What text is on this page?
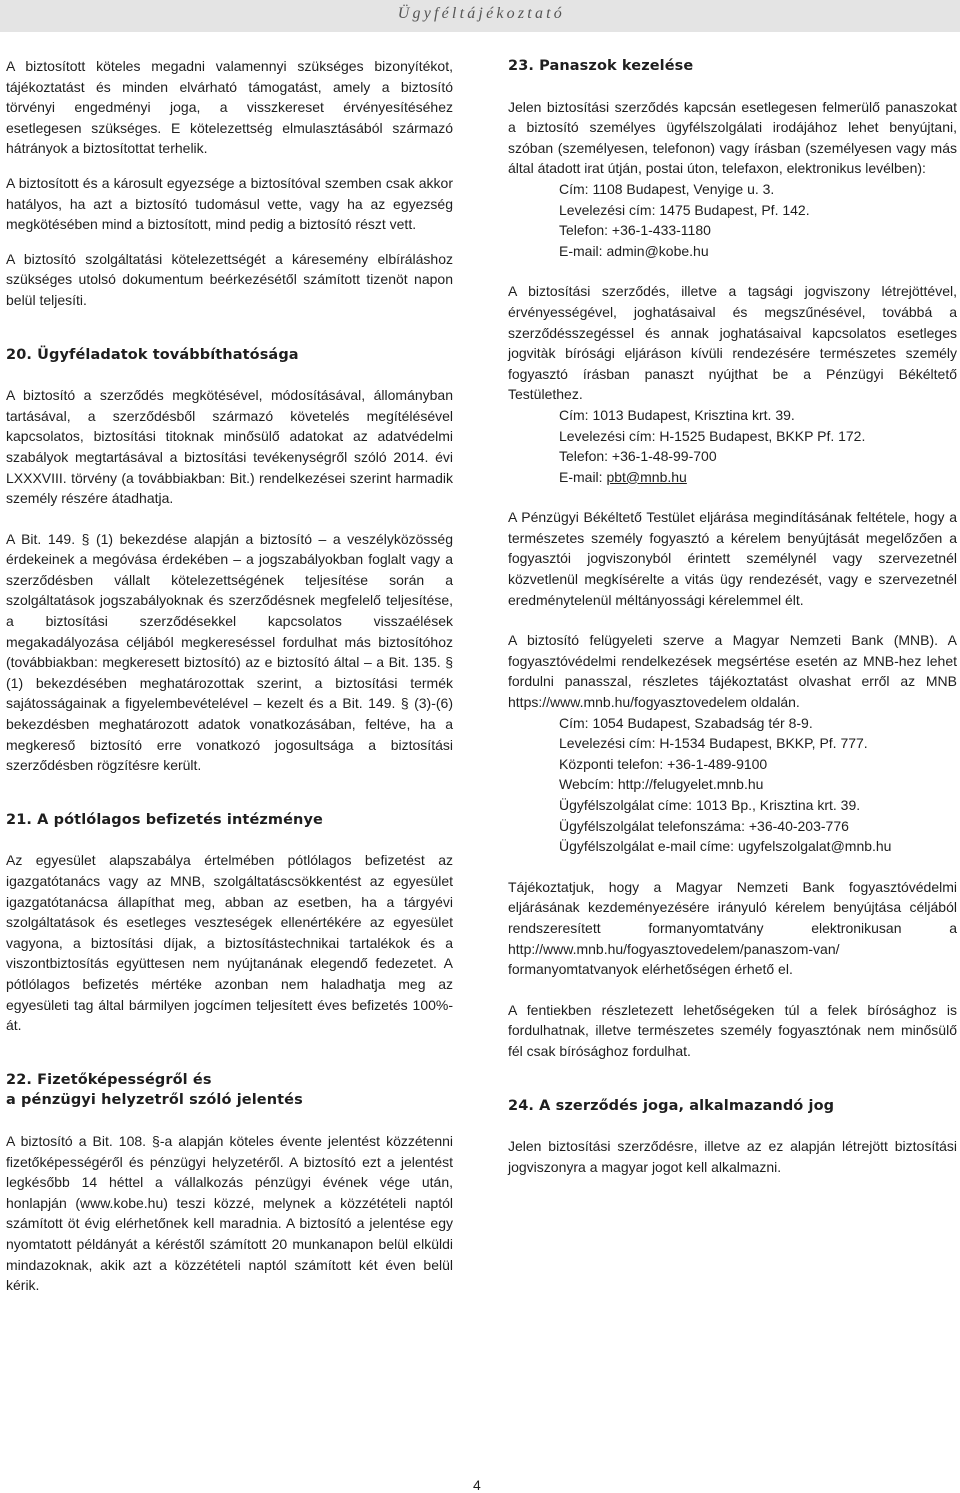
Ügyféltájékoztató

A biztosított köteles megadni valamennyi szükséges bizonyítékot, tájékoztatást és minden elvárható támogatást, amely a biztosító törvényi engedményi joga, a visszkereset érvényesítéséhez esetlegesen szükséges. E kötelezettség elmulasztásából származó hátrányok a biztosítottat terhelik.

A biztosított és a károsult egyezsége a biztosítóval szemben csak akkor hatályos, ha azt a biztosító tudomásul vette, vagy ha az egyezség megkötésében mind a biztosított, mind pedig a biztosító részt vett.

A biztosító szolgáltatási kötelezettségét a káresemény elbíráláshoz szükséges utolsó dokumentum beérkezésétől számított tizenöt napon belül teljesíti.

20. Ügyféladatok továbbíthatósága

A biztosító a szerződés megkötésével, módosításával, állományban tartásával, a szerződésből származó követelés megítélésével kapcsolatos, biztosítási titoknak minősülő adatokat az adatvédelmi szabályok megtartásával a biztosítási tevékenységről szóló 2014. évi LXXXVIII. törvény (a továbbiakban: Bit.) rendelkezései szerint harmadik személy részére átadhatja.

A Bit. 149. § (1) bekezdése alapján a biztosító – a veszélyközösség érdekeinek a megóvása érdekében – a jogszabályokban foglalt vagy a szerződésben vállalt kötelezettségének teljesítése során a szolgáltatások jogszabályoknak és szerződésnek megfelelő teljesítése, a biztosítási szerződésekkel kapcsolatos visszaélések megakadályozása céljából megkereséssel fordulhat más biztosítóhoz (továbbiakban: megkeresett biztosító) az e biztosító által – a Bit. 135. § (1) bekezdésében meghatározottak szerint, a biztosítási termék sajátosságainak a figyelembevételével – kezelt és a Bit. 149. § (3)-(6) bekezdésben meghatározott adatok vonatkozásában, feltéve, ha a megkereső biztosító erre vonatkozó jogosultsága a biztosítási szerződésben rögzítésre került.

21. A pótlólagos befizetés intézménye

Az egyesület alapszabálya értelmében pótlólagos befizetést az igazgatótanács vagy az MNB, szolgáltatáscsökkentést az egyesület igazgatótanácsa állapíthat meg, abban az esetben, ha a tárgyévi szolgáltatások és esetleges veszteségek ellenértékére az egyesület vagyona, a biztosítási díjak, a biztosítástechnikai tartalékok és a viszontbiztosítás együttesen nem nyújtanának elegendő fedezetet. A pótlólagos befizetés mértéke azonban nem haladhatja meg az egyesületi tag által bármilyen jogcímen teljesített éves befizetés 100%-át.

22. Fizetőképességről és
a pénzügyi helyzetről szóló jelentés

A biztosító a Bit. 108. §-a alapján köteles évente jelentést közzétenni fizetőképességéről és pénzügyi helyzetéről. A biztosító ezt a jelentést legkésőbb 14 héttel a vállalkozás pénzügyi évének vége után, honlapján (www.kobe.hu) teszi közzé, melynek a közzétételi naptól számított öt évig elérhetőnek kell maradnia. A biztosító a jelentése egy nyomtatott példányát a kéréstől számított 20 munkanapon belül elküldi mindazoknak, akik azt a közzétételi naptól számított két éven belül kérik.

23. Panaszok kezelése

Jelen biztosítási szerződés kapcsán esetlegesen felmerülő panaszokat a biztosító személyes ügyfélszolgálati irodájához lehet benyújtani, szóban (személyesen, telefonon) vagy írásban (személyesen vagy más által átadott irat útján, postai úton, telefaxon, elektronikus levélben):

Cím: 1108 Budapest, Venyige u. 3.
Levelezési cím: 1475 Budapest, Pf. 142.
Telefon: +36-1-433-1180
E-mail: admin@kobe.hu

A biztosítási szerződés, illetve a tagsági jogviszony létrejöttével, érvényességével, joghatásaival és megszűnésével, továbbá a szerződésszegéssel és annak joghatásaival kapcsolatos esetleges jogvitàk bírósági eljáráson kívüli rendezésére természetes személy fogyasztó írásban panaszt nyújthat be a Pénzügyi Békéltető Testülethez.

Cím: 1013 Budapest, Krisztina krt. 39.
Levelezési cím: H-1525 Budapest, BKKP Pf. 172.
Telefon: +36-1-48-99-700
E-mail: pbt@mnb.hu

A Pénzügyi Békéltető Testület eljárása megindításának feltétele, hogy a természetes személy fogyasztó a kérelem benyújtását megelőzően a fogyasztói jogviszonyból érintett személynél vagy szervezetnél közvetlenül megkísérelte a vitás ügy rendezését, vagy e szervezetnél eredménytelenül méltányossági kérelemmel élt.

A biztosító felügyeleti szerve a Magyar Nemzeti Bank (MNB). A fogyasztóvédelmi rendelkezések megsértése esetén az MNB-hez lehet fordulni panasszal, részletes tájékoztatást olvashat erről az MNB https://www.mnb.hu/fogyasztovedelem oldalán.

Cím: 1054 Budapest, Szabadság tér 8-9.
Levelezési cím: H-1534 Budapest, BKKP, Pf. 777.
Központi telefon: +36-1-489-9100
Webcím: http://felugyelet.mnb.hu
Ügyfélszolgálat címe: 1013 Bp., Krisztina krt. 39.
Ügyfélszolgálat telefonszáma: +36-40-203-776
Ügyfélszolgálat e-mail címe: ugyfelszolgalat@mnb.hu

Tájékoztatjuk, hogy a Magyar Nemzeti Bank fogyasztóvédelmi eljárásának kezdeményezésére irányuló kérelem benyújtása céljából rendszeresített formanyomtatvány elektronikusan a http://www.mnb.hu/fogyasztovedelem/panaszom-van/ formanyomtatvanyok elérhetőségen érhető el.

A fentiekben részletezett lehetőségeken túl a felek bírósághoz is fordulhatnak, illetve természetes személy fogyasztónak nem minősülő fél csak bírósághoz fordulhat.

24. A szerződés joga, alkalmazandó jog

Jelen biztosítási szerződésre, illetve az ez alapján létrejött biztosítási jogviszonyra a magyar jogot kell alkalmazni.

4
